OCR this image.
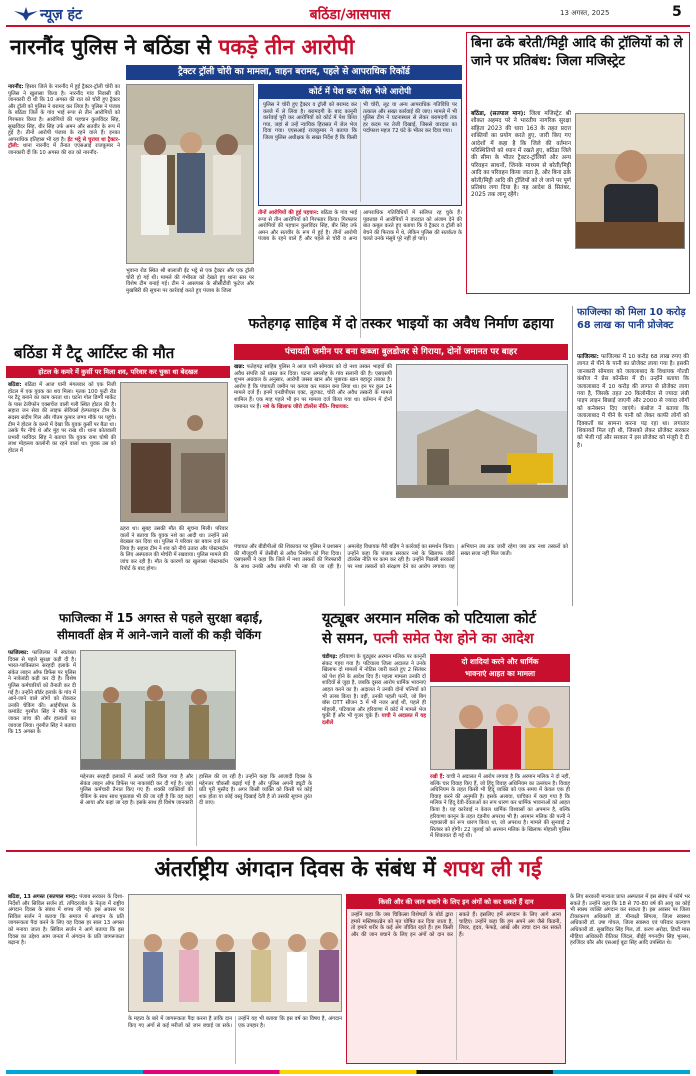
न्यूज़ हंट	बठिंडा/आसपास	13 अगस्त, 2025	5
नारनौंद पुलिस ने बठिंडा से पकड़े तीन आरोपी
ट्रैक्टर ट्रॉली चोरी का मामला, वाहन बरामद, पहले से आपराधिक रिकॉर्ड
नारनौंद: हिसार जिले के नारनौंद में हुई ट्रैक्टर-ट्रॉली चोरी का पुलिस ने खुलासा किया है। नारनौंद गांव निवासी की जानकारी दी थी कि 10 अगस्त की रात को चोरी हुए ट्रैक्टर और ट्रॉली को पुलिस ने बरामद कर लिया है। पुलिस ने पंजाब के बठिंडा जिले के गांव भाई रूपा से तीन आरोपियों को गिरफ्तार किया है। आरोपियों की पहचान कुलविंदर सिंह, सुखविंदर सिंह, बीर सिंह उर्फ अमन और सतवीर के रूप में हुई है। तीनों आरोपी पंजाब के रहने वाले हैं। इनका आपराधिक इतिहास भी रहा है। ईंट भट्ठे से चुराया था ट्रैक्टर-ट्रॉली: थाना नारनौंद में तैनात एएसआई राजकुमार ने जानकारी दी कि 10 अगस्त की रात को नारनौंद-
भुवाना रोड स्थित श्री बालाजी ईंट भट्ठे से एक ट्रैक्टर और एक ट्रॉली चोरी हो गई थी। मामले की गंभीरता को देखते हुए थाना स्तर पर विशेष टीम बनाई गई। टीम ने आसपास के सीसीटीवी फुटेज और मुखबिरी की सूचना पर कार्रवाई करते हुए पंजाब के जिला
कोर्ट में पेश कर जेल भेजे आरोपी
पुलिस ने चोरी हुए ट्रैक्टर व ट्रॉली को बरामद कर कब्जे में ले लिया है। बरामदगी के बाद कानूनी कार्रवाई पूरी कर आरोपियों को कोर्ट में पेश किया गया, जहां से उन्हें न्यायिक हिरासत में जेल भेज दिया गया। एएसआई राजकुमार ने बताया कि जिला पुलिस अधीक्षक के सख्त निर्देश हैं कि किसी भी चोरी, लूट या अन्य आपराधिक गतिविधि पर तत्काल और सख्त कार्रवाई की जाए। मामले में भी पुलिस टीम ने घटनास्थल से लेकर बरामदगी तक हर कदम पर तेजी दिखाई, जिससे वारदात का पर्दाफाश महज 72 घंटे के भीतर कर दिया गया।
तीनों आरोपियों की हुई पहचान: बठिंडा के गांव भाई रूपा से तीन आरोपियों को गिरफ्तार किया। गिरफ्तार आरोपियों की पहचान कुलविंदर सिंह, बीर सिंह उर्फ अमन और सतवीर के रूप में हुई है। तीनों आरोपी पंजाब के रहने वाले हैं और पहले से चोरी व अन्य आपराधिक गतिविधियों में संलिप्त रह चुके हैं। पूछताछ में आरोपियों ने वारदात को अंजाम देने की बात कबूल करते हुए बताया कि वे ट्रैक्टर व ट्रॉली को बेचने की फिराक में थे, लेकिन पुलिस की सतर्कता के चलते उनके मंसूबे पूरे नहीं हो पाए।
बिना ढके बरेती/मिट्टी आदि की ट्रॉलियों को ले जाने पर प्रतिबंध: जिला मजिस्ट्रेट
बठिंडा, (सतपाल मान): जिला मजिस्ट्रेट श्री शौकत अहमद परे ने भारतीय नागरिक सुरक्षा संहिता 2023 की धारा 163 के तहत प्रदत्त शक्तियों का प्रयोग करते हुए, जारी किए गए आदेशों में कहा है कि जिले की वर्तमान परिस्थितियों को ध्यान में रखते हुए, बठिंडा जिले की सीमा के भीतर ट्रैक्टर-ट्रॉलियों और अन्य परिवहन साधनों, जिनके माध्यम से बरेती/मिट्टी आदि का परिवहन किया जाता है, और बिना ढके बरेती/मिट्टी आदि की ट्रॉलियों को ले जाने पर पूर्ण प्रतिबंध लगा दिया है। यह आदेश 8 सितंबर, 2025 तक लागू रहेंगे।
बठिंडा में टैटू आर्टिस्ट की मौत
होटल के कमरे में कुर्सी पर मिला शव, परिवार कर चुका था बेदखल
बठिंडा: बठिंडा में आज यानी मंगलवार को एक निजी होटल में एक युवक का शव मिला। मृतक 100 फुटी रोड पर टैटू बनाने का काम करता था। घटना गोल डिग्गी मार्केट के पास टेलीफोन एक्सचेंज वाली गली स्थित होटल की है। सहारा जन सेवा की लाइफ सेवियर्स हेल्पलाइन टीम के सदस्य संदीप गिल और गौतम कुमार जग्गा मौके पर पहुंचे। टीम ने होटल के कमरे में देखा कि युवक कुर्सी पर बैठा था। उसके पैर नीचे थे और मुंह पर राख थी। थाना कोतवाली प्रभारी परविंदर सिंह ने बताया कि युवक रामा घोषी की लाश मोहल्ला कालोनी का रहने वाला था। युवक उस को होटल में
ठहरा था। सुबह उसकी मौत की सूचना मिली। परिवार वालों ने बताया कि युवक नशे का आदी था। उन्होंने उसे बेदखल कर दिया था। पुलिस ने परिवार का बयान दर्ज कर लिया है। सहारा टीम ने शव को नीचे उतारा और पोस्टमार्टम के लिए अस्पताल की मोर्चरी में रखवाया। पुलिस मामले की जांच कर रही है। मौत के कारणों का खुलासा पोस्टमार्टम रिपोर्ट के बाद होगा।
फतेहगढ़ साहिब में दो तस्कर भाइयों का अवैध निर्माण ढहाया
पंचायती जमीन पर बना कब्जा बुलडोजर से गिराया, दोनों जमानत पर बाहर
खन्ना: फतेहगढ़ साहिब पुलिस ने आज यानी सोमवार को दो नशा तस्कर भाइयों की अवैध संपत्ति को ध्वस्त कर दिया। पटना अमलोह के गांव सलानी की है। एसएसपी शुभम अग्रवाल के अनुसार, आरोपी जस्सा खान और मुबारक खान बहादुर तबका है। आरोप है कि पंचायती जमीन पर कब्जा कर मकान बना लिया था। इन पर कुल 14 मामले दर्ज हैं। इनमें एनडीपीएस एक्ट, लूटपाट, चोरी और अवैध तस्करी के मामले शामिल हैं। एक माह पहले भी इन पर मामला दर्ज किया गया था। वर्तमान में दोनों जमानत पर हैं। नशे के खिलाफ जीरो टॉलरेंस नीति- विधायक:
पंचायत और बीडीपीओ की शिकायत पर पुलिस ने प्रशासन की मौजूदगी में जेसीबी से अवैध निर्माण को गिरा दिया। एसएसपी ने कहा कि जिले में नशा तस्करों की गिरफ्तारी के साथ उनकी अवैध संपत्ति भी नष्ट की जा रही है। अमलोह विधायक गैरी बड़िंग ने कार्रवाई का समर्थन किया। उन्होंने कहा कि पंजाब सरकार नशे के खिलाफ जीरो टॉलरेंस नीति पर काम कर रही है। उन्होंने पिछली सरकारों पर नशा तस्करों को संरक्षण देने का आरोप लगाया। यह अभियान तब तक जारी रहेगा जब तक नशा तस्करों को सख्त सजा नहीं मिल जाती।
फाजिल्का को मिला 10 करोड़ 68 लाख का पानी प्रोजेक्ट
फाजिल्का: फाजिल्का में 10 करोड़ 68 लाख रुपए की लागत से पीने के पानी का प्रोजेक्ट लाया गया है। इसकी जानकारी सोमवार को जलालाबाद के विधायक गोल्डी कंबोज ने प्रेस कॉन्फ्रेंस में दी। उन्होंने बताया कि जलालाबाद में 10 करोड़ की लागत से प्रोजेक्ट लाया गया है, जिसके तहत 20 किलोमीटर से ज्यादा लंबी पाइप लाइन बिछाई जाएगी और 2000 से ज्यादा लोगों को कनेक्शन दिए जाएंगे। कंबोज ने बताया कि जलालाबाद में पीने के पानी को लेकर काफी लोगों को दिक्कतों का सामना करना पड़ रहा था। लगातार शिकायतें मिल रही थी, जिसको लेकर प्रोजेक्ट सरकार को भेजी गई और सरकार ने इस प्रोजेक्ट को मंजूरी दे दी है।
फाजिल्का में 15 अगस्त से पहले सुरक्षा बढ़ाई,
सीमावर्ती क्षेत्र में आने-जाने वालों की कड़ी चेकिंग
फाजिल्का: फाजिल्का में स्वतंत्रता दिवस से पहले सुरक्षा कड़ी दी है। भारत-पाकिस्तान सरहदी इलाके में संकेत लाइन ऑफ डिफेंस पर पुलिस ने नाकेबंदी कड़ी कर दी है। विशेष पुलिस कर्मचारियों को तैनाती कर दी गई है। उन्होंने बॉर्डर इलाके के गांव में आने-जाने वाले लोगों को रोककर उनकी चेकिंग की। आईपीएस के कमांडेंट गुरमीत सिंह ने मौके पर जाकर जांच की और हालातों का जायजा लिया। गुरमीत सिंह ने बताया कि 15 अगस्त के
मद्देनजर सरहदी इलाकों में अलर्ट जारी किया गया है और सेकंड लाइन ऑफ डिफेंस पर नाकाबंदी कर दी गई है। जहां पुलिस कर्मचारी तैनात किए गए हैं। शक्की व्यक्तियों की चेकिंग के साथ साथ पूछताछ भी की जा रही है कि वह कहां से आया और कहां जा रहा है। इसके साथ ही विशेष जानकारी हासिल की जा रही है। उन्होंने कहा कि आजादी दिवस के मद्देनजर चौकसी बढ़ाई गई है और पुलिस अपनी ड्यूटी के प्रति पूरी मुस्तैद है। अगर किसी व्यक्ति को किसी पर कोई शक होता या कोई वस्तु दिखाई देती है तो उसकी सूचना तुरंत दी जाए।
यूट्यूबर अरमान मलिक को पटियाला कोर्ट
से समन, पत्नी समेत पेश होने का आदेश
चंडीगढ़: हरियाणा के यूट्यूबर अरमान मलिक पर कानूनी संकट गहरा गया है। पटियाला जिला अदालत ने उनके खिलाफ दो मामलों में नोटिस जारी करते हुए 2 सितंबर को पेश होने के आदेश दिए हैं। पहला मामला उनकी दो शादियों से जुड़ा है, जबकि दूसरा आरोप धार्मिक भावनाएं आहत करने का है। अदालत ने उनकी दोनों पत्नियों को भी तलब किया है। वहीं, उनकी पहली पत्नी, जो बिग बॉस OTT सीजन 3 में भी नजर आई थीं, पहले ही मोहाली, पटियाला और हरियाणा में कोर्ट में मामले भेज चुकी हैं और भी गुजर चुके हैं। याची ने अदालत में यह दलीलें
दो शादियां करने और धार्मिक
भावनाएं आहत का मामला
रखी हैं: याची ने अदालत में आरोप लगाया है कि अरमान मलिक ने दो नहीं, बल्कि चार विवाह किए हैं, जो हिंदू विवाह अधिनियम का उल्लंघन है। विवाह अधिनियम के तहत किसी भी हिंदू व्यक्ति को एक समय में केवल एक ही विवाह करने की अनुमति है। इसके अलावा, याचिका में कहा गया है कि मलिक ने हिंदू देवी-देवताओं का रूप धारण कर धार्मिक भावनाओं को आहत किया है। यह कार्रवाई न केवल धार्मिक विश्वासों का अपमान है, बल्कि हरियाणा कानून के तहत दंडनीय अपराध भी है। अरमान मलिक की पत्नी ने महाकाली का रूप धारण किया था, जो अपराध है। मामले की सुनवाई 2 सितंबर को होगी। 22 जुलाई को अरमान मलिक के खिलाफ मोहाली पुलिस में शिकायत दी गई थी।
अंतर्राष्ट्रीय अंगदान दिवस के संबंध में शपथ ली गई
बठिंडा, 13 अगस्त (सतपाल मान): पंजाब सरकार के दिशा-निर्देशों और सिविल सर्जन डॉ. तपिंदरजोत के नेतृत्व में राष्ट्रीय अंगदान दिवस के संबंध में शपथ ली गई। इस अवसर पर सिविल सर्जन ने बताया कि समाज में अंगदान के प्रति जागरूकता पैदा करने के लिए यह दिवस हर साल 13 अगस्त को मनाया जाता है। सिविल सर्जन ने आगे बताया कि इस दिवस का उद्देश्य आम जनता में अंगदान के प्रति जागरूकता बढ़ाना है।
के महत्व के बारे में जागरूकता पैदा करना है ताकि दान किए गए अंगों से कई मरीजों को जान बचाई जा सके। उन्होंने यह भी बताया कि इस वर्ष का विषय है, अंगदान एक उपहार है।
किसी और की जान बचाने के लिए इन अंगों को कर सकते हैं दान
उन्होंने कहा कि जब चिकित्सा विशेषज्ञों के बोर्ड द्वारा हमारे मस्तिष्क/ब्रेन को मृत घोषित कर दिया जाता है, तो हमारे शरीर के कई अंग जीवित रहते हैं। हम किसी और की जान बचाने के लिए इन अंगों को दान कर सकते हैं। इसलिए हमें अंगदान के लिए आगे आना चाहिए। उन्होंने कहा कि हम अपने अंग जैसे किडनी, लिवर, हृदय, फेफड़े, आंखें और त्वचा दान कर सकते हैं।
के लिए सरकारी मान्यता प्राप्त अस्पताल में इस संबंध में फॉर्म भर सकते हैं। उन्होंने कहा कि 18 से 70-80 वर्ष की आयु का कोई भी स्वस्थ व्यक्ति अंगदान कर सकता है। इस अवसर पर जिला टीकाकरण अधिकारी डॉ. मीनाक्षी सिंगला, जिला स्वास्थ्य अधिकारी डॉ. उषा गोयल, जिला स्वास्थ्य एवं परिवार कल्याण अधिकारी डॉ. सुखविंदर सिंह गिल, डॉ. करण अरोड़ा, डिप्टी मास मीडिया अधिकारी रीतिका जिंदल, बीईई गगनदीप सिंह भुल्लर, हरजिंदर कौर और एसआई बूटा सिंह आदि उपस्थित थे।
